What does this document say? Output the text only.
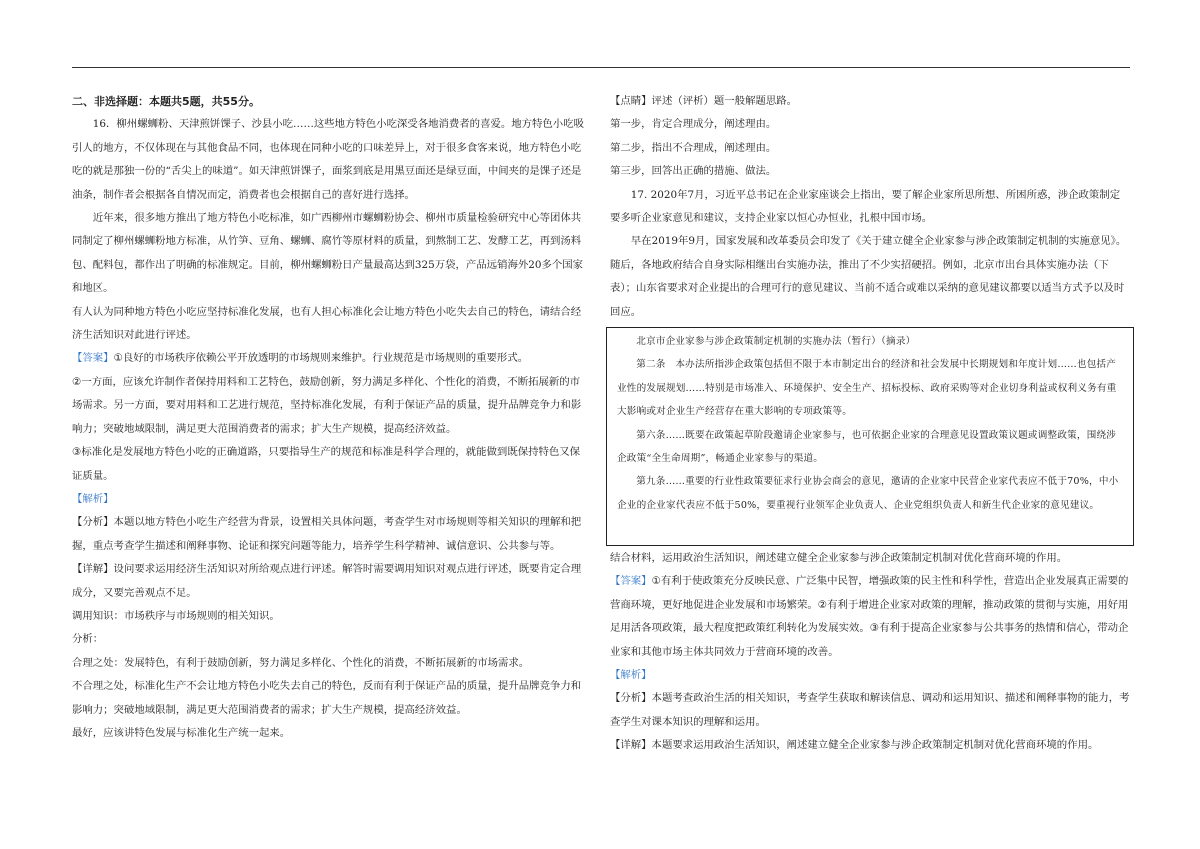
二、非选择题：本题共5题，共55分。

16．柳州螺蛳粉、天津煎饼馃子、沙县小吃……这些地方特色小吃深受各地消费者的喜爱。地方特色小吃吸引人的地方，不仅体现在与其他食品不同，也体现在同种小吃的口味差异上，对于很多食客来说，地方特色小吃吃的就是那独一份的“舌尖上的味道”。如天津煎饼馃子，面浆到底是用黑豆面还是绿豆面，中间夹的是馃子还是油条，制作者会根据各自情况而定，消费者也会根据自己的喜好进行选择。

近年来，很多地方推出了地方特色小吃标准，如广西柳州市螺蛳粉协会、柳州市质量检验研究中心等团体共同制定了柳州螺蛳粉地方标准，从竹笋、豆角、螺蛳、腐竹等原材料的质量，到熬制工艺、发酵工艺，再到汤料包、配料包，都作出了明确的标准规定。目前，柳州螺蛳粉日产量最高达到325万袋，产品远销海外20多个国家和地区。

有人认为同种地方特色小吃应坚持标准化发展，也有人担心标准化会让地方特色小吃失去自己的特色，请结合经济生活知识对此进行评述。

【答案】①良好的市场秩序依赖公平开放透明的市场规则来维护。行业规范是市场规则的重要形式。

②一方面，应该允许制作者保持用料和工艺特色，鼓励创新，努力满足多样化、个性化的消费，不断拓展新的市场需求。另一方面，要对用料和工艺进行规范，坚持标准化发展，有利于保证产品的质量，提升品牌竞争力和影响力；突破地域限制，满足更大范围消费者的需求；扩大生产规模，提高经济效益。

③标准化是发展地方特色小吃的正确道路，只要指导生产的规范和标准是科学合理的，就能做到既保持特色又保证质量。

【解析】

【分析】本题以地方特色小吃生产经营为背景，设置相关具体问题，考查学生对市场规则等相关知识的理解和把握，重点考查学生描述和阐释事物、论证和探究问题等能力，培养学生科学精神、诚信意识、公共参与等。

【详解】设问要求运用经济生活知识对所给观点进行评述。解答时需要调用知识对观点进行评述，既要肯定合理成分，又要完善观点不足。

调用知识：市场秩序与市场规则的相关知识。

分析：

合理之处：发展特色，有利于鼓励创新，努力满足多样化、个性化的消费，不断拓展新的市场需求。

不合理之处，标准化生产不会让地方特色小吃失去自己的特色，反而有利于保证产品的质量，提升品牌竞争力和影响力；突破地域限制，满足更大范围消费者的需求；扩大生产规模，提高经济效益。

最好，应该讲特色发展与标准化生产统一起来。

【点睛】评述（评析）题一般解题思路。

第一步，肯定合理成分，阐述理由。

第二步，指出不合理成，阐述理由。

第三步，回答出正确的措施、做法。

17. 2020年7月，习近平总书记在企业家座谈会上指出，要了解企业家所思所想、所困所惑，涉企政策制定要多听企业家意见和建议，支持企业家以恒心办恒业，扎根中国市场。

早在2019年9月，国家发展和改革委员会印发了《关于建立健全企业家参与涉企政策制定机制的实施意见》。随后，各地政府结合自身实际相继出台实施办法，推出了不少实招硬招。例如，北京市出台具体实施办法（下表）；山东省要求对企业提出的合理可行的意见建议、当前不适合或难以采纳的意见建议都要以适当方式予以及时回应。

北京市企业家参与涉企政策制定机制的实施办法（暂行）（摘录）

第二条　本办法所指涉企政策包括但不限于本市制定出台的经济和社会发展中长期规划和年度计划……也包括产业性的发展规划……特别是市场准入、环境保护、安全生产、招标投标、政府采购等对企业切身利益或权利义务有重大影响或对企业生产经营存在重大影响的专项政策等。

第六条……既要在政策起草阶段邀请企业家参与，也可依据企业家的合理意见设置政策议题或调整政策，围绕涉企政策“全生命周期”，畅通企业家参与的渠道。

第九条……重要的行业性政策要征求行业协会商会的意见，邀请的企业家中民营企业家代表应不低于70%，中小企业的企业家代表应不低于50%，要重视行业领军企业负责人、企业党组织负责人和新生代企业家的意见建议。

结合材料，运用政治生活知识，阐述建立健全企业家参与涉企政策制定机制对优化营商环境的作用。

【答案】①有利于使政策充分反映民意、广泛集中民智，增强政策的民主性和科学性，营造出企业发展真正需要的营商环境，更好地促进企业发展和市场繁荣。②有利于增进企业家对政策的理解，推动政策的贯彻与实施，用好用足用活各项政策，最大程度把政策红利转化为发展实效。③有利于提高企业家参与公共事务的热情和信心，带动企业家和其他市场主体共同效力于营商环境的改善。

【解析】

【分析】本题考查政治生活的相关知识，考查学生获取和解读信息、调动和运用知识、描述和阐释事物的能力，考查学生对课本知识的理解和运用。

【详解】本题要求运用政治生活知识，阐述建立健全企业家参与涉企政策制定机制对优化营商环境的作用。
